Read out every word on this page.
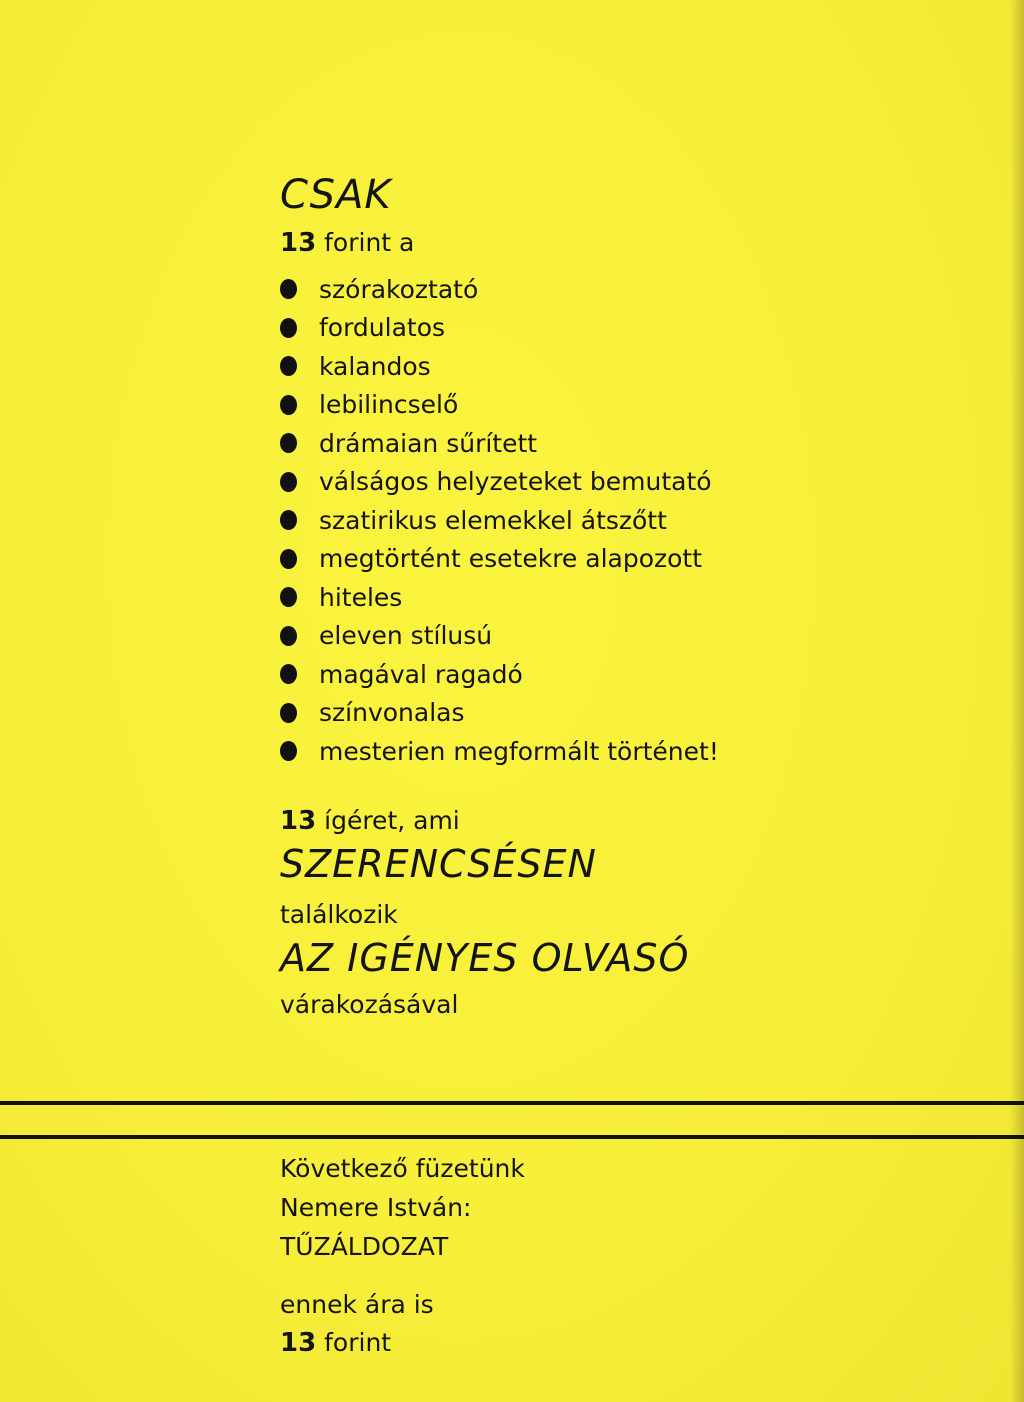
CSAK
13 forint a
szórakoztató
fordulatos
kalandos
lebilincselő
drámaian sűrített
válságos helyzeteket bemutató
szatirikus elemekkel átszőtt
megtörtént esetekre alapozott
hiteles
eleven stílusú
magával ragadó
színvonalas
mesterien megformált történet!
13 ígéret, ami
SZERENCSÉSEN
találkozik
AZ IGÉNYES OLVASÓ
várakozásával
Következő füzetünk
Nemere István:
TŰZÁLDOZAT
ennek ára is
13 forint
